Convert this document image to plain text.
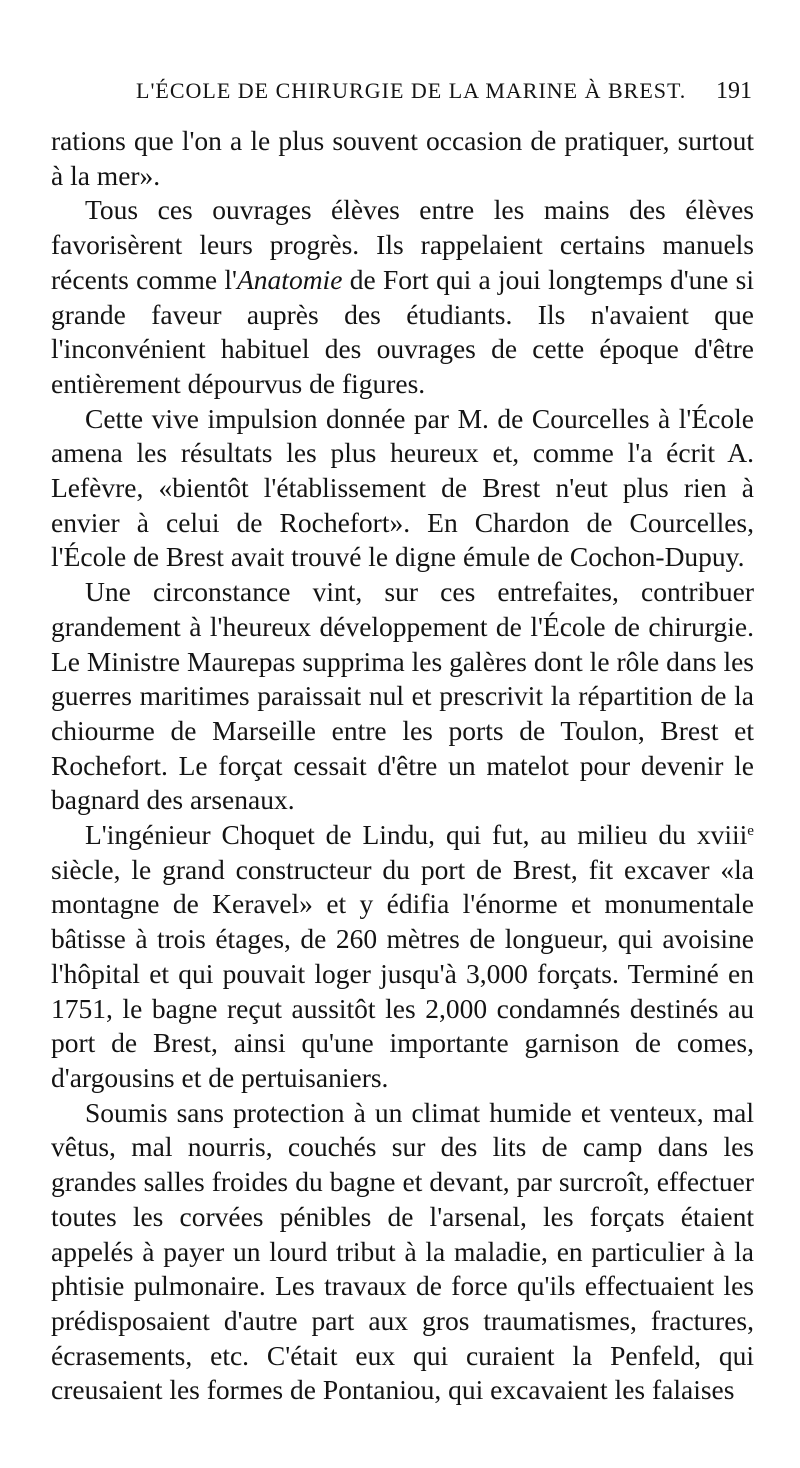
L'ÉCOLE DE CHIRURGIE DE LA MARINE À BREST. 191

rations que l'on a le plus souvent occasion de pratiquer, surtout à la mer».

Tous ces ouvrages élèves entre les mains des élèves favorisèrent leurs progrès. Ils rappelaient certains manuels récents comme l'Anatomie de Fort qui a joui longtemps d'une si grande faveur auprès des étudiants. Ils n'avaient que l'inconvénient habituel des ouvrages de cette époque d'être entièrement dépourvus de figures.

Cette vive impulsion donnée par M. de Courcelles à l'École amena les résultats les plus heureux et, comme l'a écrit A. Lefèvre, «bientôt l'établissement de Brest n'eut plus rien à envier à celui de Rochefort». En Chardon de Courcelles, l'École de Brest avait trouvé le digne émule de Cochon-Dupuy.

Une circonstance vint, sur ces entrefaites, contribuer grandement à l'heureux développement de l'École de chirurgie. Le Ministre Maurepas supprima les galères dont le rôle dans les guerres maritimes paraissait nul et prescrivit la répartition de la chiourme de Marseille entre les ports de Toulon, Brest et Rochefort. Le forçat cessait d'être un matelot pour devenir le bagnard des arsenaux.

L'ingénieur Choquet de Lindu, qui fut, au milieu du xviii$^e$ siècle, le grand constructeur du port de Brest, fit excaver «la montagne de Keravel» et y édifia l'énorme et monumentale bâtisse à trois étages, de 260 mètres de longueur, qui avoisine l'hôpital et qui pouvait loger jusqu'à 3,000 forçats. Terminé en 1751, le bagne reçut aussitôt les 2,000 condamnés destinés au port de Brest, ainsi qu'une importante garnison de comes, d'argousins et de pertuisaniers.

Soumis sans protection à un climat humide et venteux, mal vêtus, mal nourris, couchés sur des lits de camp dans les grandes salles froides du bagne et devant, par surcroît, effectuer toutes les corvées pénibles de l'arsenal, les forçats étaient appelés à payer un lourd tribut à la maladie, en particulier à la phtisie pulmonaire. Les travaux de force qu'ils effectuaient les prédisposaient d'autre part aux gros traumatismes, fractures, écrasements, etc. C'était eux qui curaient la Penfeld, qui creusaient les formes de Pontaniou, qui excavaient les falaises
